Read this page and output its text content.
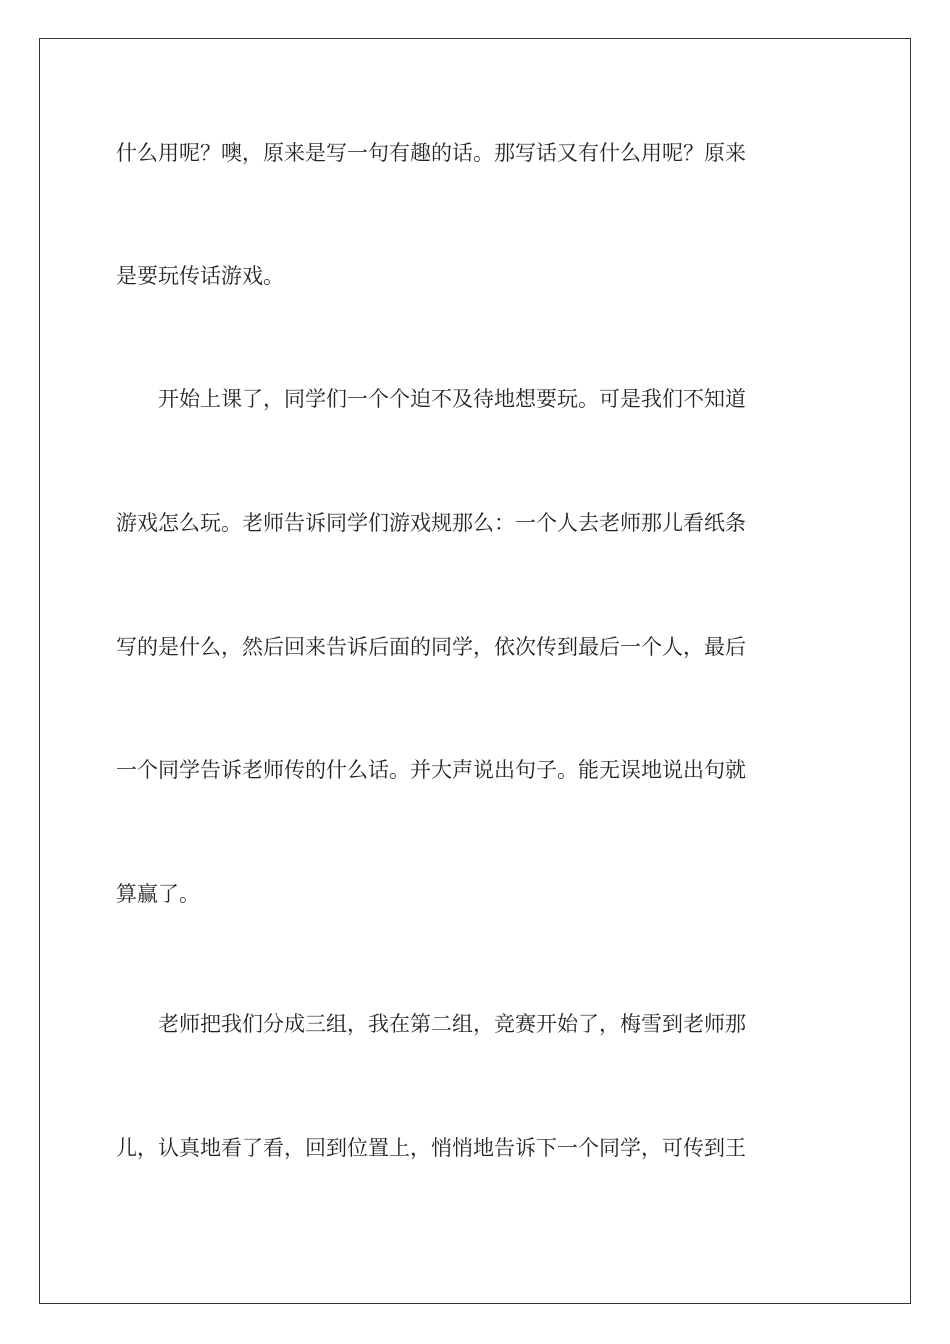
什么用呢？噢，原来是写一句有趣的话。那写话又有什么用呢？原来
是要玩传话游戏。
　　开始上课了，同学们一个个迫不及待地想要玩。可是我们不知道
游戏怎么玩。老师告诉同学们游戏规那么：一个人去老师那儿看纸条
写的是什么，然后回来告诉后面的同学，依次传到最后一个人，最后
一个同学告诉老师传的什么话。并大声说出句子。能无误地说出句就
算赢了。
　　老师把我们分成三组，我在第二组，竞赛开始了，梅雪到老师那
儿，认真地看了看，回到位置上，悄悄地告诉下一个同学，可传到王
